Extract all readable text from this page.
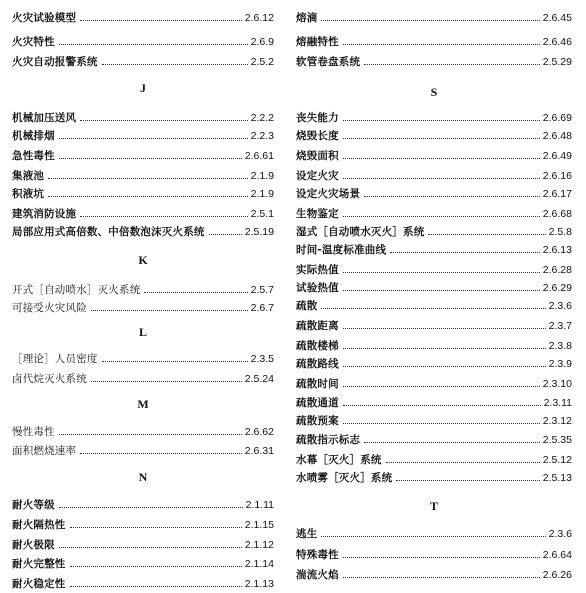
火灾试验模型	2.6.12
火灾特性	2.6.9
火灾自动报警系统	2.5.2
J
机械加压送风	2.2.2
机械排烟	2.2.3
急性毒性	2.6.61
集液池	2.1.9
积液坑	2.1.9
建筑消防设施	2.5.1
局部应用式高倍数、中倍数泡沫灭火系统	2.5.19
K
开式［自动喷水］灭火系统	2.5.7
可接受火灾风险	2.6.7
L
［理论］人员密度	2.3.5
卤代烷灭火系统	2.5.24
M
慢性毒性	2.6.62
面积燃烧速率	2.6.31
N
耐火等级	2.1.11
耐火隔热性	2.1.15
耐火极限	2.1.12
耐火完整性	2.1.14
耐火稳定性	2.1.13
熔滴	2.6.45
熔融特性	2.6.46
软管卷盘系统	2.5.29
S
丧失能力	2.6.69
烧毁长度	2.6.48
烧毁面积	2.6.49
设定火灾	2.6.16
设定火灾场景	2.6.17
生物鉴定	2.6.68
湿式［自动喷水灭火］系统	2.5.8
时间-温度标准曲线	2.6.13
实际热值	2.6.28
试验热值	2.6.29
疏散	2.3.6
疏散距离	2.3.7
疏散楼梯	2.3.8
疏散路线	2.3.9
疏散时间	2.3.10
疏散通道	2.3.11
疏散预案	2.3.12
疏散指示标志	2.5.35
水幕［灭火］系统	2.5.12
水喷雾［灭火］系统	2.5.13
T
逃生	2.3.6
特殊毒性	2.6.64
湍流火焰	2.6.26
